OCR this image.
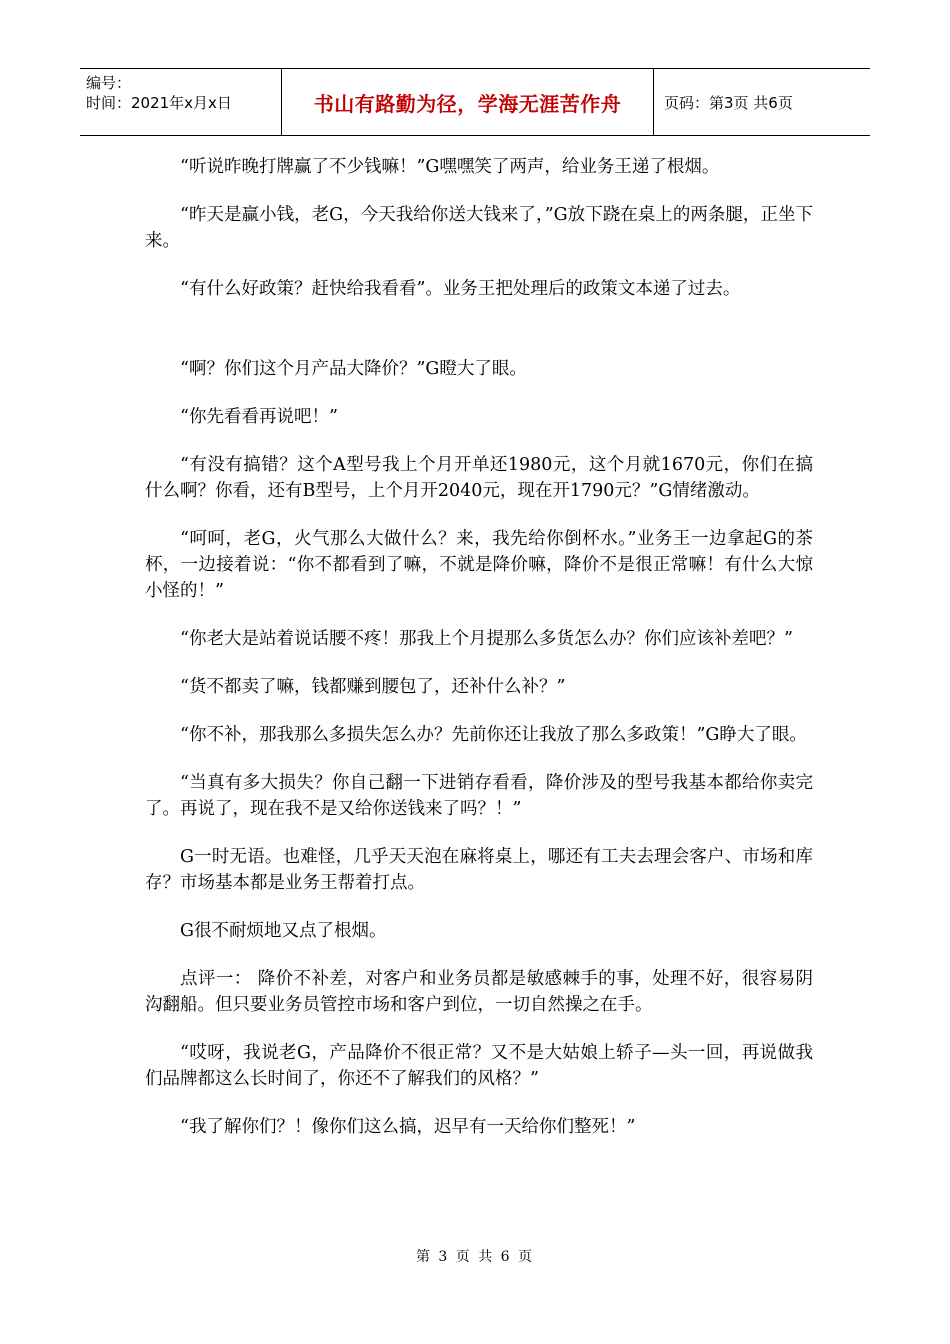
编号：
时间：2021年x月x日	书山有路勤为径，学海无涯苦作舟	页码：第3页 共6页

“听说昨晚打牌赢了不少钱嘛！”G嘿嘿笑了两声，给业务王递了根烟。

“昨天是赢小钱，老G，今天我给你送大钱来了，”G放下跷在桌上的两条腿，正坐下来。

“有什么好政策？赶快给我看看”。业务王把处理后的政策文本递了过去。

“啊？你们这个月产品大降价？”G瞪大了眼。

“你先看看再说吧！”

“有没有搞错？这个A型号我上个月开单还1980元，这个月就1670元，你们在搞什么啊？你看，还有B型号，上个月开2040元，现在开1790元？”G情绪激动。

“呵呵，老G，火气那么大做什么？来，我先给你倒杯水。”业务王一边拿起G的茶杯，一边接着说：“你不都看到了嘛，不就是降价嘛，降价不是很正常嘛！有什么大惊小怪的！”

“你老大是站着说话腰不疼！那我上个月提那么多货怎么办？你们应该补差吧？”

“货不都卖了嘛，钱都赚到腰包了，还补什么补？”

“你不补，那我那么多损失怎么办？先前你还让我放了那么多政策！”G睁大了眼。

“当真有多大损失？你自己翻一下进销存看看，降价涉及的型号我基本都给你卖完了。再说了，现在我不是又给你送钱来了吗？！”

G一时无语。也难怪，几乎天天泡在麻将桌上，哪还有工夫去理会客户、市场和库存？市场基本都是业务王帮着打点。

G很不耐烦地又点了根烟。

点评一： 降价不补差，对客户和业务员都是敏感棘手的事，处理不好，很容易阴沟翻船。但只要业务员管控市场和客户到位，一切自然操之在手。

“哎呀，我说老G，产品降价不很正常？又不是大姑娘上轿子—头一回，再说做我们品牌都这么长时间了，你还不了解我们的风格？”

“我了解你们？！像你们这么搞，迟早有一天给你们整死！”

第 3 页 共 6 页
